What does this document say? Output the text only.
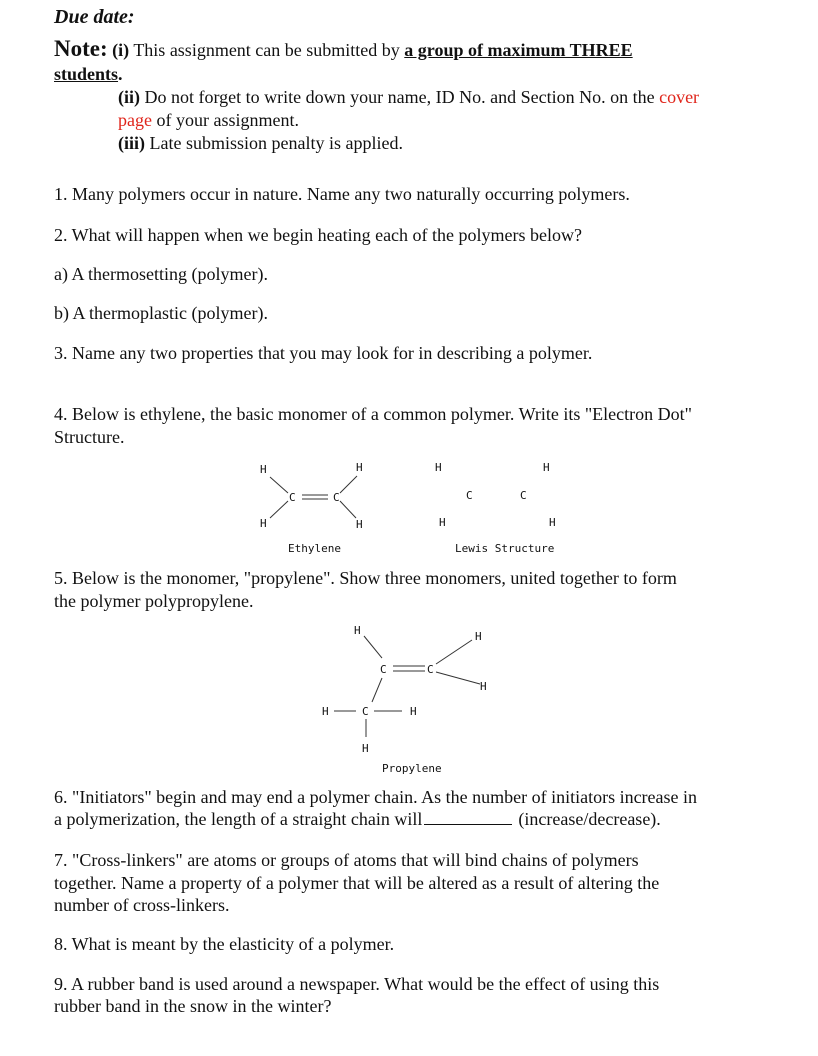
Due date:
Note: (i) This assignment can be submitted by a group of maximum THREE
students.
(ii) Do not forget to write down your name, ID No. and Section No. on the cover
page of your assignment.
(iii) Late submission penalty is applied.
1. Many polymers occur in nature. Name any two naturally occurring polymers.
2. What will happen when we begin heating each of the polymers below?
a) A thermosetting (polymer).
b) A thermoplastic (polymer).
3. Name any two properties that you may look for in describing a polymer.
4. Below is ethylene, the basic monomer of a common polymer. Write its "Electron Dot"
Structure.
H	H
H	H
C	C
Ethylene
H	H
C	C
H	H
Lewis Structure
5. Below is the monomer, "propylene". Show three monomers, united together to form
the polymer polypropylene.
H	H
C	C
H
H	C	H
H
Propylene
6. "Initiators" begin and may end a polymer chain. As the number of initiators increase in
a polymerization, the length of a straight chain will	(increase/decrease).
7. "Cross-linkers" are atoms or groups of atoms that will bind chains of polymers
together. Name a property of a polymer that will be altered as a result of altering the
number of cross-linkers.
8. What is meant by the elasticity of a polymer.
9. A rubber band is used around a newspaper. What would be the effect of using this
rubber band in the snow in the winter?
